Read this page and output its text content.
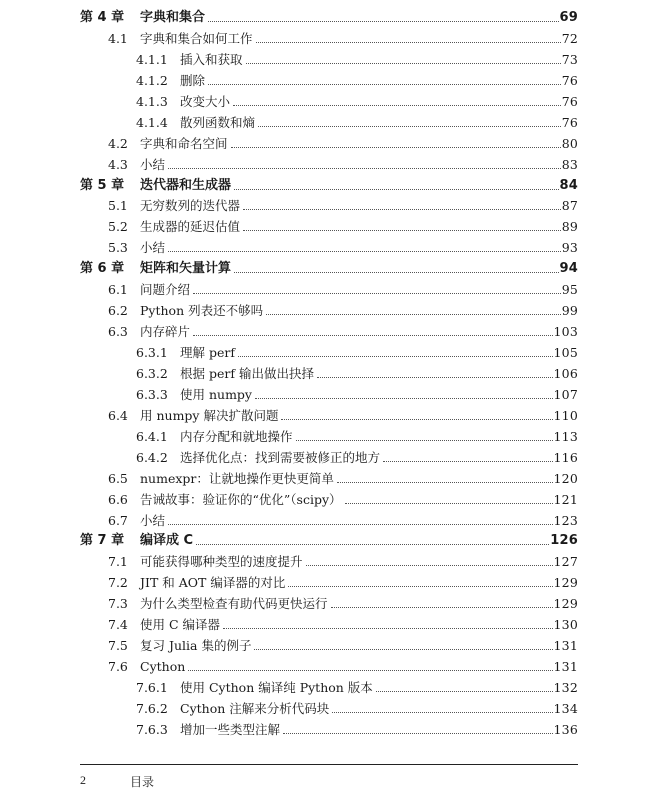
第 4 章 字典和集合	69
4.1 字典和集合如何工作	72
4.1.1 插入和获取	73
4.1.2 删除	76
4.1.3 改变大小	76
4.1.4 散列函数和熵	76
4.2 字典和命名空间	80
4.3 小结	83
第 5 章 迭代器和生成器	84
5.1 无穷数列的迭代器	87
5.2 生成器的延迟估值	89
5.3 小结	93
第 6 章 矩阵和矢量计算	94
6.1 问题介绍	95
6.2 Python 列表还不够吗	99
6.3 内存碎片	103
6.3.1 理解 perf	105
6.3.2 根据 perf 输出做出抉择	106
6.3.3 使用 numpy	107
6.4 用 numpy 解决扩散问题	110
6.4.1 内存分配和就地操作	113
6.4.2 选择优化点：找到需要被修正的地方	116
6.5 numexpr：让就地操作更快更简单	120
6.6 告诫故事：验证你的“优化”（scipy）	121
6.7 小结	123
第 7 章 编译成 C	126
7.1 可能获得哪种类型的速度提升	127
7.2 JIT 和 AOT 编译器的对比	129
7.3 为什么类型检查有助代码更快运行	129
7.4 使用 C 编译器	130
7.5 复习 Julia 集的例子	131
7.6 Cython	131
7.6.1 使用 Cython 编译纯 Python 版本	132
7.6.2 Cython 注解来分析代码块	134
7.6.3 增加一些类型注解	136
2	目录
